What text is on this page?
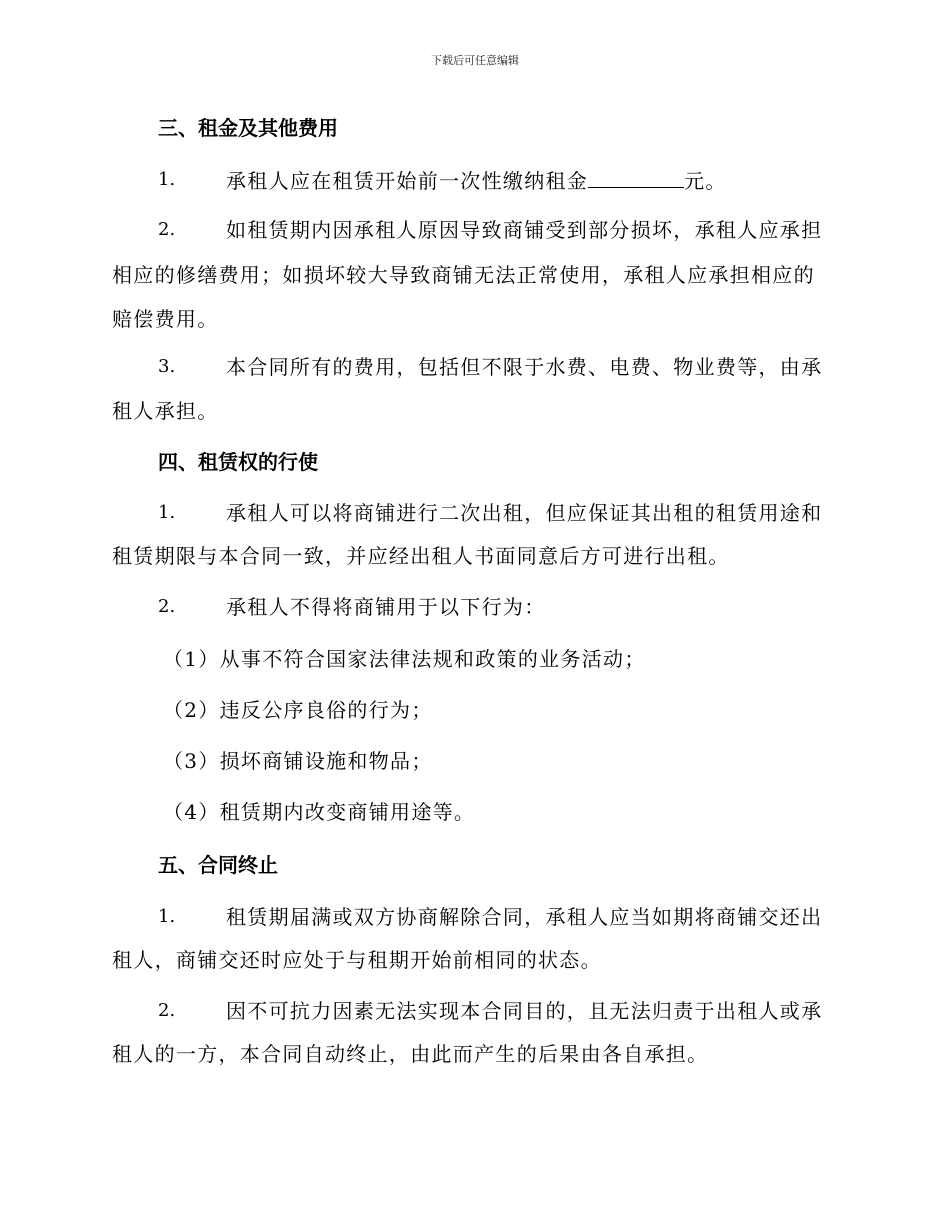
下载后可任意编辑
三、租金及其他费用
1.	承租人应在租赁开始前一次性缴纳租金	元。
2.	如租赁期内因承租人原因导致商铺受到部分损坏，承租人应承担
相应的修缮费用；如损坏较大导致商铺无法正常使用，承租人应承担相应的
赔偿费用。
3.	本合同所有的费用，包括但不限于水费、电费、物业费等，由承
租人承担。
四、租赁权的行使
1.	承租人可以将商铺进行二次出租，但应保证其出租的租赁用途和
租赁期限与本合同一致，并应经出租人书面同意后方可进行出租。
2.	承租人不得将商铺用于以下行为：
（1）从事不符合国家法律法规和政策的业务活动；
（2）违反公序良俗的行为；
（3）损坏商铺设施和物品；
（4）租赁期内改变商铺用途等。
五、合同终止
1.	租赁期届满或双方协商解除合同，承租人应当如期将商铺交还出
租人，商铺交还时应处于与租期开始前相同的状态。
2.	因不可抗力因素无法实现本合同目的，且无法归责于出租人或承
租人的一方，本合同自动终止，由此而产生的后果由各自承担。
